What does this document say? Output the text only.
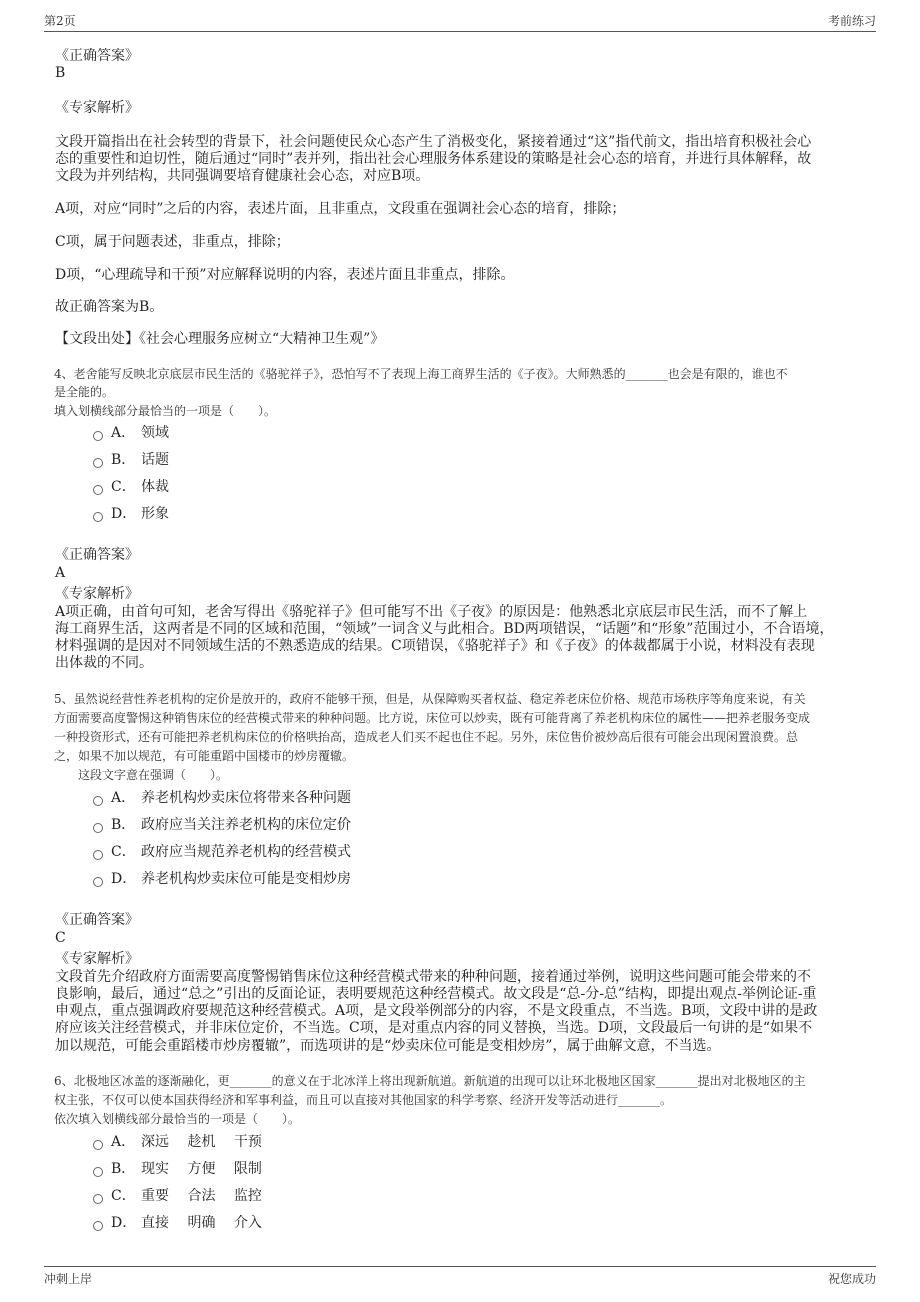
第2页	考前练习
《正确答案》
B
《专家解析》
文段开篇指出在社会转型的背景下，社会问题使民众心态产生了消极变化，紧接着通过“这”指代前文，指出培育积极社会心
态的重要性和迫切性，随后通过“同时”表并列，指出社会心理服务体系建设的策略是社会心态的培育，并进行具体解释，故
文段为并列结构，共同强调要培育健康社会心态，对应B项。
A项，对应“同时”之后的内容，表述片面，且非重点，文段重在强调社会心态的培育，排除；
C项，属于问题表述，非重点，排除；
D项，“心理疏导和干预”对应解释说明的内容，表述片面且非重点，排除。
故正确答案为B。
【文段出处】《社会心理服务应树立“大精神卫生观”》
4、老舍能写反映北京底层市民生活的《骆驼祥子》，恐怕写不了表现上海工商界生活的《子夜》。大师熟悉的_______也会是有限的，谁也不
是全能的。
填入划横线部分最恰当的一项是（　　）。
A． 领域
B． 话题
C． 体裁
D． 形象
《正确答案》
A
《专家解析》
A项正确，由首句可知，老舍写得出《骆驼祥子》但可能写不出《子夜》的原因是：他熟悉北京底层市民生活，而不了解上
海工商界生活，这两者是不同的区域和范围，“领域”一词含义与此相合。BD两项错误，“话题”和“形象”范围过小，不合语境，
材料强调的是因对不同领域生活的不熟悉造成的结果。C项错误，《骆驼祥子》和《子夜》的体裁都属于小说，材料没有表现
出体裁的不同。
5、虽然说经营性养老机构的定价是放开的，政府不能够干预，但是，从保障购买者权益、稳定养老床位价格、规范市场秩序等角度来说，有关
方面需要高度警惕这种销售床位的经营模式带来的种种问题。比方说，床位可以炒卖，既有可能背离了养老机构床位的属性——把养老服务变成
一种投资形式，还有可能把养老机构床位的价格哄抬高，造成老人们买不起也住不起。另外，床位售价被炒高后很有可能会出现闲置浪费。总
之，如果不加以规范，有可能重蹈中国楼市的炒房覆辙。
　　这段文字意在强调（　　）。
A． 养老机构炒卖床位将带来各种问题
B． 政府应当关注养老机构的床位定价
C． 政府应当规范养老机构的经营模式
D． 养老机构炒卖床位可能是变相炒房
《正确答案》
C
《专家解析》
文段首先介绍政府方面需要高度警惕销售床位这种经营模式带来的种种问题，接着通过举例，说明这些问题可能会带来的不
良影响，最后，通过“总之”引出的反面论证，表明要规范这种经营模式。故文段是“总-分-总”结构，即提出观点-举例论证-重
申观点，重点强调政府要规范这种经营模式。A项，是文段举例部分的内容，不是文段重点，不当选。B项，文段中讲的是政
府应该关注经营模式，并非床位定价，不当选。C项，是对重点内容的同义替换，当选。D项，文段最后一句讲的是“如果不
加以规范，可能会重蹈楼市炒房覆辙”，而选项讲的是“炒卖床位可能是变相炒房”，属于曲解文意，不当选。
6、北极地区冰盖的逐渐融化，更_______的意义在于北冰洋上将出现新航道。新航道的出现可以让环北极地区国家_______提出对北极地区的主
权主张，不仅可以使本国获得经济和军事利益，而且可以直接对其他国家的科学考察、经济开发等活动进行_______。
依次填入划横线部分最恰当的一项是（　　）。
A． 深远　 趁机　 干预
B． 现实　 方便　 限制
C． 重要　 合法　 监控
D． 直接　 明确　 介入
冲刺上岸	祝您成功
